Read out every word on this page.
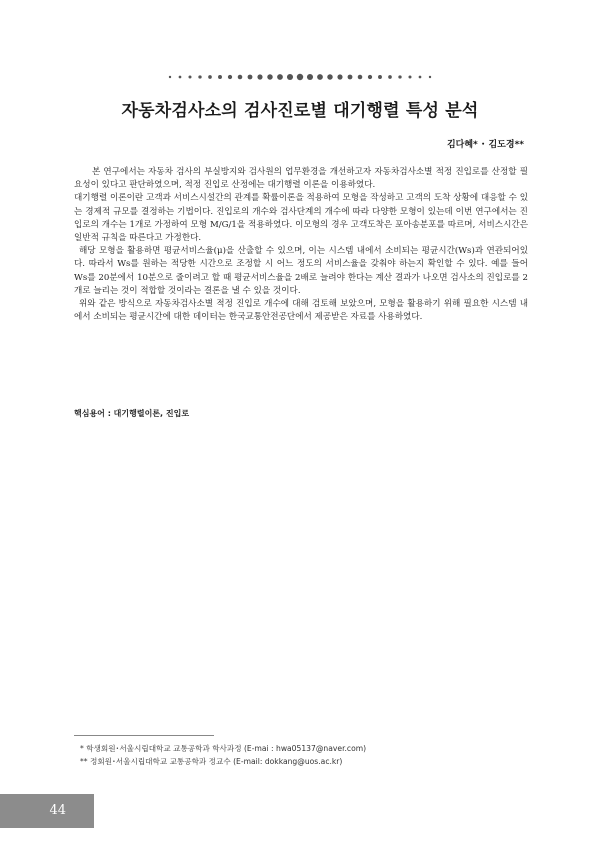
자동차검사소의 검사진로별 대기행렬 특성 분석
김다혜* ･ 김도경**

본 연구에서는 자동차 검사의 부실방지와 검사원의 업무환경을 개선하고자 자동차검사소별 적정 진입로를 산정할 필요성이 있다고 판단하였으며, 적정 진입로 산정에는 대기행렬 이론을 이용하였다.

대기행렬 이론이란 고객과 서비스시설간의 관계를 확률이론을 적용하여 모형을 작성하고 고객의 도착 상황에 대응할 수 있는 경제적 규모를 결정하는 기법이다. 진입로의 개수와 검사단계의 개수에 따라 다양한 모형이 있는데 이번 연구에서는 진입로의 개수는 1개로 가정하여 모형 M/G/1을 적용하였다. 이모형의 경우 고객도착은 포아송분포를 따르며, 서비스시간은 일반적 규칙을 따른다고 가정한다.

해당 모형을 활용하면 평균서비스율(μ)을 산출할 수 있으며, 이는 시스템 내에서 소비되는 평균시간(Ws)과 연관되어있다. 따라서 Ws를 원하는 적당한 시간으로 조정할 시 어느 정도의 서비스율을 갖춰야 하는지 확인할 수 있다. 예를 들어 Ws를 20분에서 10분으로 줄이려고 할 때 평균서비스율을 2배로 늘려야 한다는 계산 결과가 나오면 검사소의 진입로를 2개로 늘리는 것이 적합할 것이라는 결론을 낼 수 있을 것이다.

위와 같은 방식으로 자동차검사소별 적정 진입로 개수에 대해 검토해 보았으며, 모형을 활용하기 위해 필요한 시스템 내에서 소비되는 평균시간에 대한 데이터는 한국교통안전공단에서 제공받은 자료를 사용하였다.

핵심용어 : 대기행렬이론, 진입로
* 학생회원･서울시립대학교 교통공학과 학사과정 (E-mai : hwa05137@naver.com)
** 정회원･서울시립대학교 교통공학과 정교수 (E-mail: dokkang@uos.ac.kr)
44
